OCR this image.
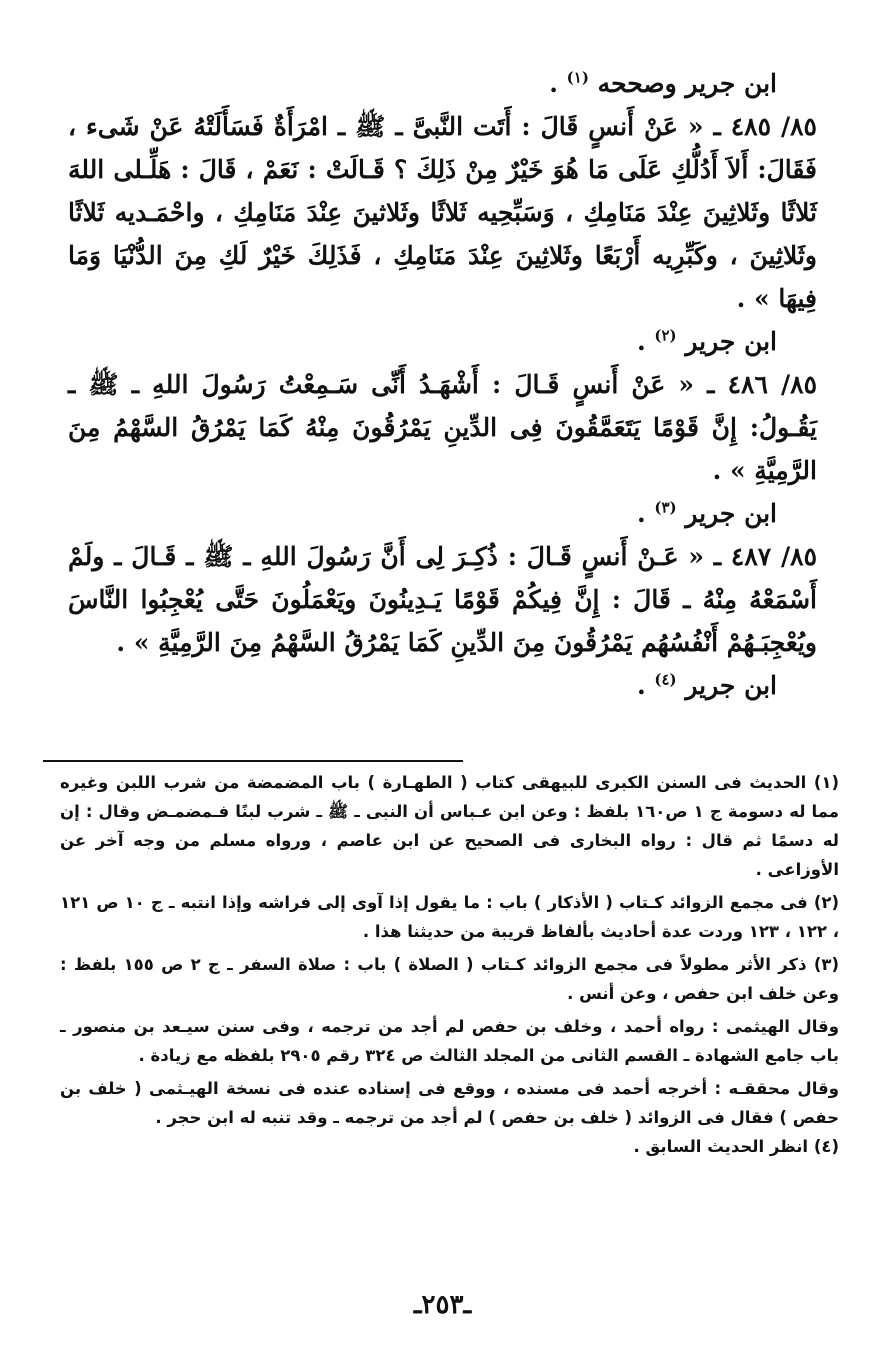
ابن جرير وصححه $^{(١)}$ .

٨٥/ ٤٨٥ ـ « عَنْ أَنسٍ قَالَ : أَتَت النَّبىَّ ـ ﷺ ـ امْرَأَةٌ فَسَأَلَتْهُ عَنْ شَىء ، فَقَالَ: أَلاَ أَدُلُّكِ عَلَى مَا هُوَ خَيْرٌ مِنْ ذَلِكَ ؟ قَـالَتْ : نَعَمْ ، قَالَ : هَلِّـلى اللهَ ثَلاثًا وثَلاثِينَ عِنْدَ مَنَامِكِ ، وَسَبِّحِيه ثَلاثًا وثَلاثينَ عِنْدَ مَنَامِكِ ، واحْمَـديه ثَلاثًا وثَلاثِينَ ، وكَبِّرِيه أَرْبَعًا وثَلاثِينَ عِنْدَ مَنَامِكِ ، فَذَلِكَ خَيْرٌ لَكِ مِنَ الدُّنْيَا وَمَا فِيهَا » .

ابن جرير $^{(٢)}$ .

٨٥/ ٤٨٦ ـ « عَنْ أَنسٍ قَـالَ : أَشْهَـدُ أَنِّى سَـمِعْتُ رَسُولَ اللهِ ـ ﷺ ـ يَقُـولُ: إِنَّ قَوْمًا يَتَعَمَّقُونَ فِى الدِّينِ يَمْرُقُونَ مِنْهُ كَمَا يَمْرُقُ السَّهْمُ مِنَ الرَّمِيَّةِ » .

ابن جرير $^{(٣)}$ .

٨٥/ ٤٨٧ ـ « عَـنْ أَنسٍ قَـالَ : ذُكِـرَ لِى أَنَّ رَسُولَ اللهِ ـ ﷺ ـ قَـالَ ـ ولَمْ أَسْمَعْهُ مِنْهُ ـ قَالَ : إِنَّ فِيكُمْ قَوْمًا يَـدِينُونَ ويَعْمَلُونَ حَتَّى يُعْجِبُوا النَّاسَ ويُعْجِبَـهُمْ أَنْفُسُهُم يَمْرُقُونَ مِنَ الدِّينِ كَمَا يَمْرُقُ السَّهْمُ مِنَ الرَّمِيَّةِ » .

ابن جرير $^{(٤)}$ .

(١) الحديث فى السنن الكبرى للبيهقى كتاب ( الطهـارة ) باب المضمضة من شرب اللبن وغيره مما له دسومة ج ١ ص١٦٠ بلفظ : وعن ابن عـباس أن النبى ـ ﷺ ـ شرب لبنًا فـمضمـض وقال : إن له دسمًا ثم قال : رواه البخارى فى الصحيح عن ابن عاصم ، ورواه مسلم من وجه آخر عن الأوزاعى .

(٢) فى مجمع الزوائد كـتاب ( الأذكار ) باب : ما يقول إذا آوى إلى فراشه وإذا انتبه ـ ج ١٠ ص ١٢١ ، ١٢٢ ، ١٢٣ وردت عدة أحاديث بألفاظ قريبة من حديثنا هذا .

(٣) ذكر الأثر مطولاً فى مجمع الزوائد كـتاب ( الصلاة ) باب : صلاة السفر ـ ج ٢ ص ١٥٥ بلفظ : وعن خلف ابن حفص ، وعن أنس .

وقال الهيثمى : رواه أحمد ، وخلف بن حفص لم أجد من ترجمه ، وفى سنن سيـعد بن منصور ـ باب جامع الشهادة ـ القسم الثانى من المجلد الثالث ص ٣٢٤ رقم ٢٩٠٥ بلفظه مع زيادة .

وقال محققـه : أخرجه أحمد فى مسنده ، ووقع فى إسناده عنده فى نسخة الهيـثمى ( خلف بن حفص ) فقال فى الزوائد ( خلف بن حفص ) لم أجد من ترجمه ـ وقد تنبه له ابن حجر .

(٤) انظر الحديث السابق .

ـ٢٥٣ـ
